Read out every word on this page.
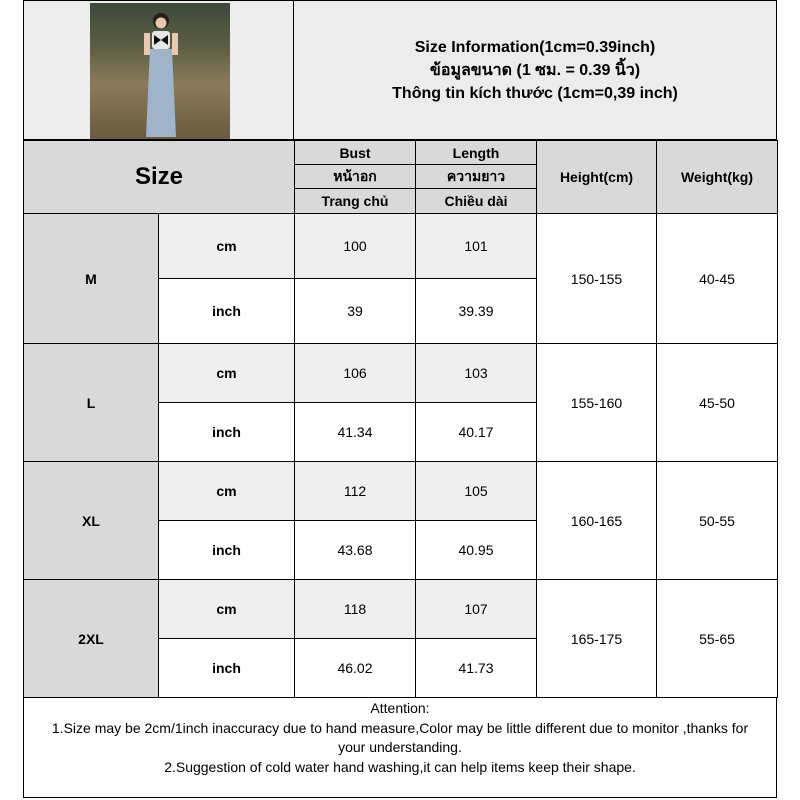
Size Information(1cm=0.39inch)
ข้อมูลขนาด (1 ซม. = 0.39 นิ้ว)
Thông tin kích thước (1cm=0,39 inch)
Size		Bust	Length	Height(cm)	Weight(kg)
		หน้าอก	ความยาว		
		Trang chủ	Chiều dài		
M	cm	100	101	150-155	40-45
	inch	39	39.39		
L	cm	106	103	155-160	45-50
	inch	41.34	40.17		
XL	cm	112	105	160-165	50-55
	inch	43.68	40.95		
2XL	cm	118	107	165-175	55-65
	inch	46.02	41.73		
Attention:
1.Size may be 2cm/1inch inaccuracy due to hand measure,Color may be little different due to monitor ,thanks for
your understanding.
2.Suggestion of cold water hand washing,it can help items keep their shape.
